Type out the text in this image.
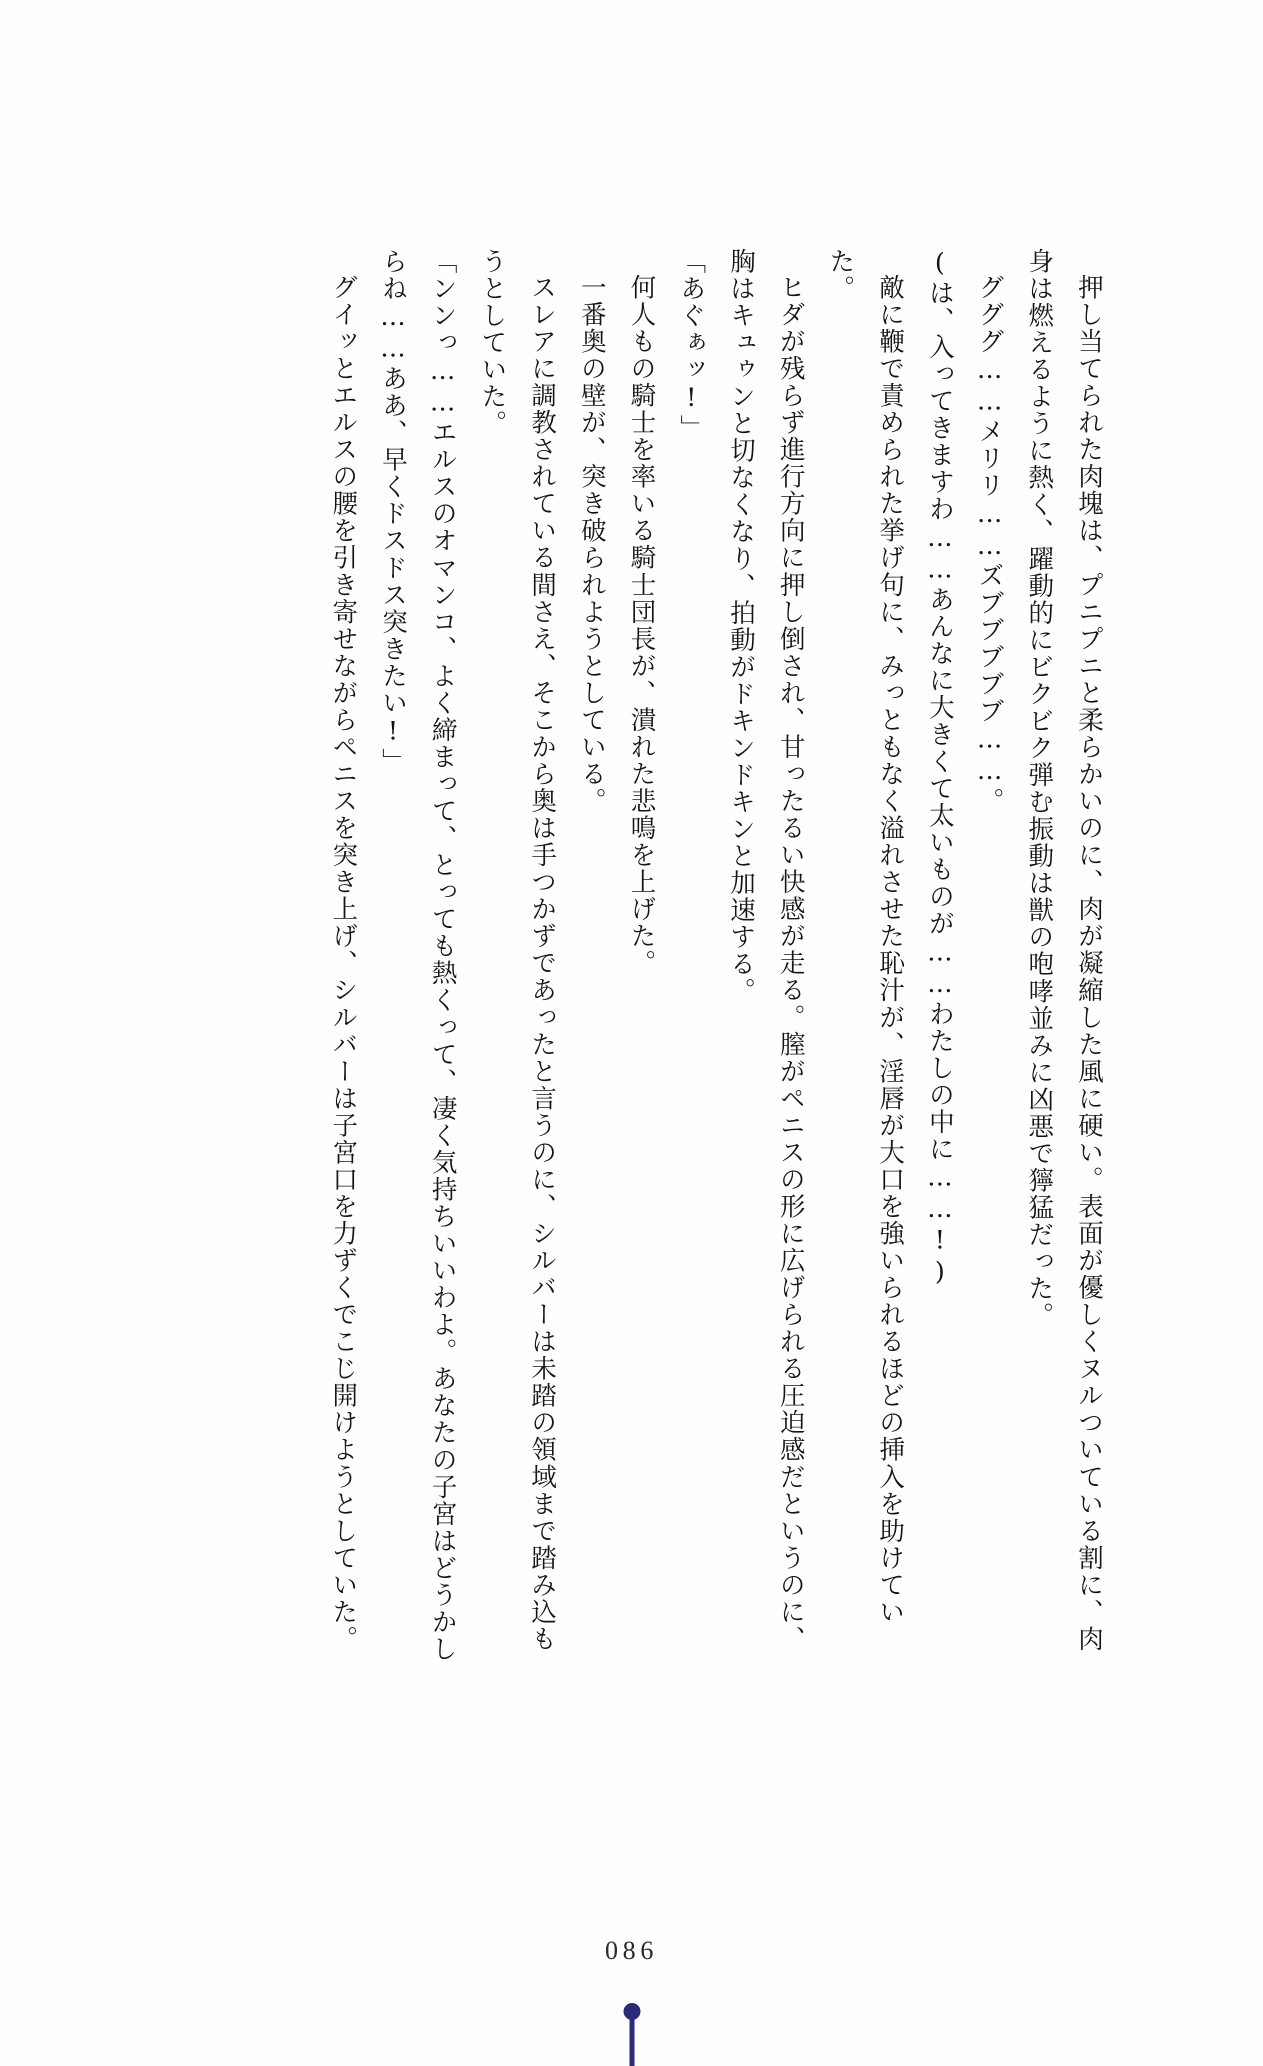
押し当てられた肉塊は、プニプニと柔らかいのに、肉が凝縮した風に硬い。表面が優しくヌルついている割に、肉身は燃えるように熱く、躍動的にビクビク弾む振動は獣の咆哮並みに凶悪で獰猛だった。

グググ……メリリ……ズブブブブブ……。

(は、入ってきますわ……あんなに大きくて太いものが……わたしの中に……!)

敵に鞭で責められた挙げ句に、みっともなく溢れさせた恥汁が、淫唇が大口を強いられるほどの挿入を助けていた。

ヒダが残らず進行方向に押し倒され、甘ったるい快感が走る。膣がペニスの形に広げられる圧迫感だというのに、胸はキュゥンと切なくなり、拍動がドキンドキンと加速する。

「あぐぁッ!」

何人もの騎士を率いる騎士団長が、潰れた悲鳴を上げた。

一番奥の壁が、突き破られようとしている。

スレアに調教されている間さえ、そこから奥は手つかずであったと言うのに、シルバーは未踏の領域まで踏み込もうとしていた。

「ンンっ……エルスのオマンコ、よく締まって、とっても熱くって、凄く気持ちいいわよ。あなたの子宮はどうかしらね……ああ、早くドスドス突きたい!」

グイッとエルスの腰を引き寄せながらペニスを突き上げ、シルバーは子宮口を力ずくでこじ開けようとしていた。

086
